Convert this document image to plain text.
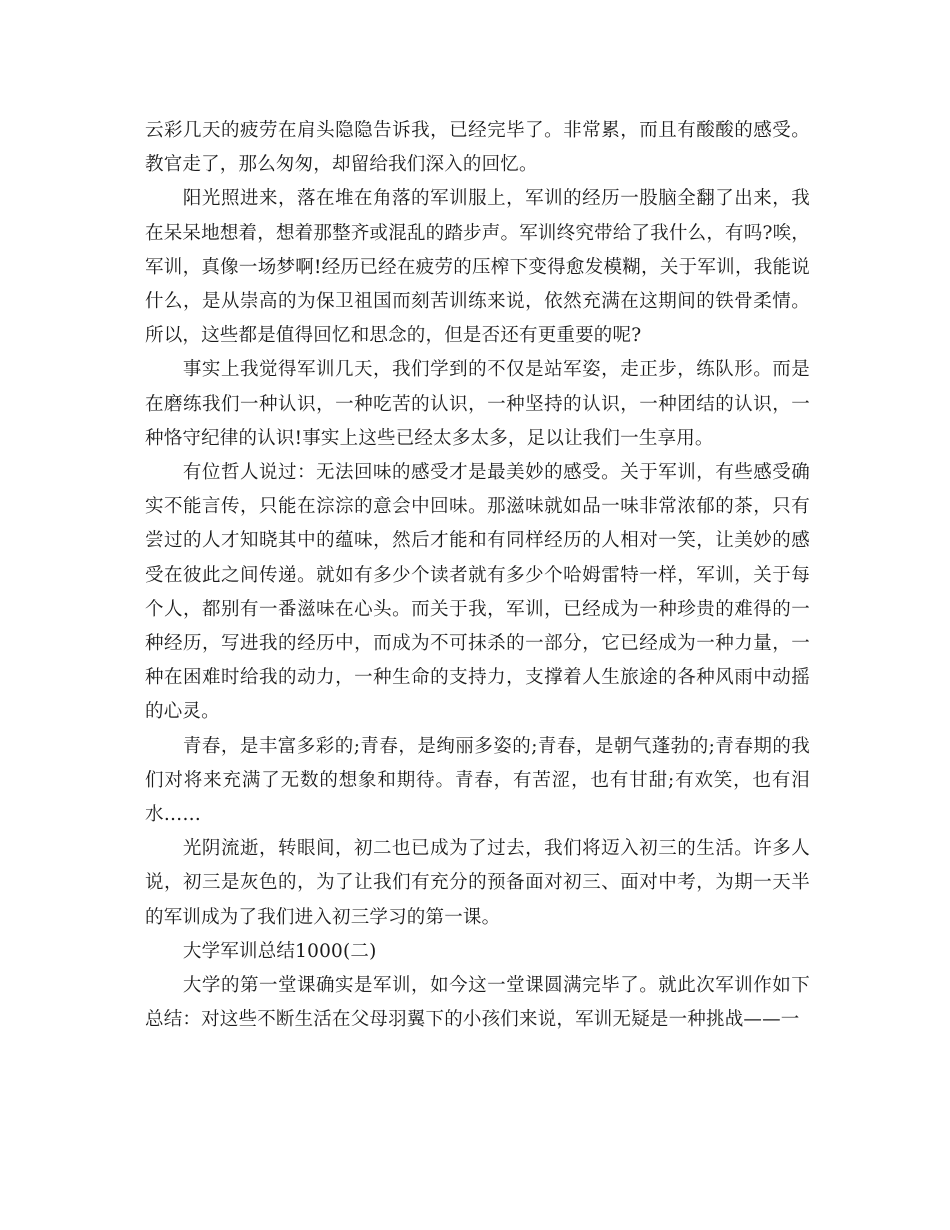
云彩几天的疲劳在肩头隐隐告诉我，已经完毕了。非常累，而且有酸酸的感受。教官走了，那么匆匆，却留给我们深入的回忆。

阳光照进来，落在堆在角落的军训服上，军训的经历一股脑全翻了出来，我在呆呆地想着，想着那整齐或混乱的踏步声。军训终究带给了我什么，有吗?唉，军训，真像一场梦啊!经历已经在疲劳的压榨下变得愈发模糊，关于军训，我能说什么，是从崇高的为保卫祖国而刻苦训练来说，依然充满在这期间的铁骨柔情。所以，这些都是值得回忆和思念的，但是否还有更重要的呢?

事实上我觉得军训几天，我们学到的不仅是站军姿，走正步，练队形。而是在磨练我们一种认识，一种吃苦的认识，一种坚持的认识，一种团结的认识，一种恪守纪律的认识!事实上这些已经太多太多，足以让我们一生享用。

有位哲人说过：无法回味的感受才是最美妙的感受。关于军训，有些感受确实不能言传，只能在淙淙的意会中回味。那滋味就如品一味非常浓郁的茶，只有尝过的人才知晓其中的蕴味，然后才能和有同样经历的人相对一笑，让美妙的感受在彼此之间传递。就如有多少个读者就有多少个哈姆雷特一样，军训，关于每个人，都别有一番滋味在心头。而关于我，军训，已经成为一种珍贵的难得的一种经历，写进我的经历中，而成为不可抹杀的一部分，它已经成为一种力量，一种在困难时给我的动力，一种生命的支持力，支撑着人生旅途的各种风雨中动摇的心灵。

青春，是丰富多彩的;青春，是绚丽多姿的;青春，是朝气蓬勃的;青春期的我们对将来充满了无数的想象和期待。青春，有苦涩，也有甘甜;有欢笑，也有泪水……

光阴流逝，转眼间，初二也已成为了过去，我们将迈入初三的生活。许多人说，初三是灰色的，为了让我们有充分的预备面对初三、面对中考，为期一天半的军训成为了我们进入初三学习的第一课。

大学军训总结1000(二)

大学的第一堂课确实是军训，如今这一堂课圆满完毕了。就此次军训作如下总结：对这些不断生活在父母羽翼下的小孩们来说，军训无疑是一种挑战——一
